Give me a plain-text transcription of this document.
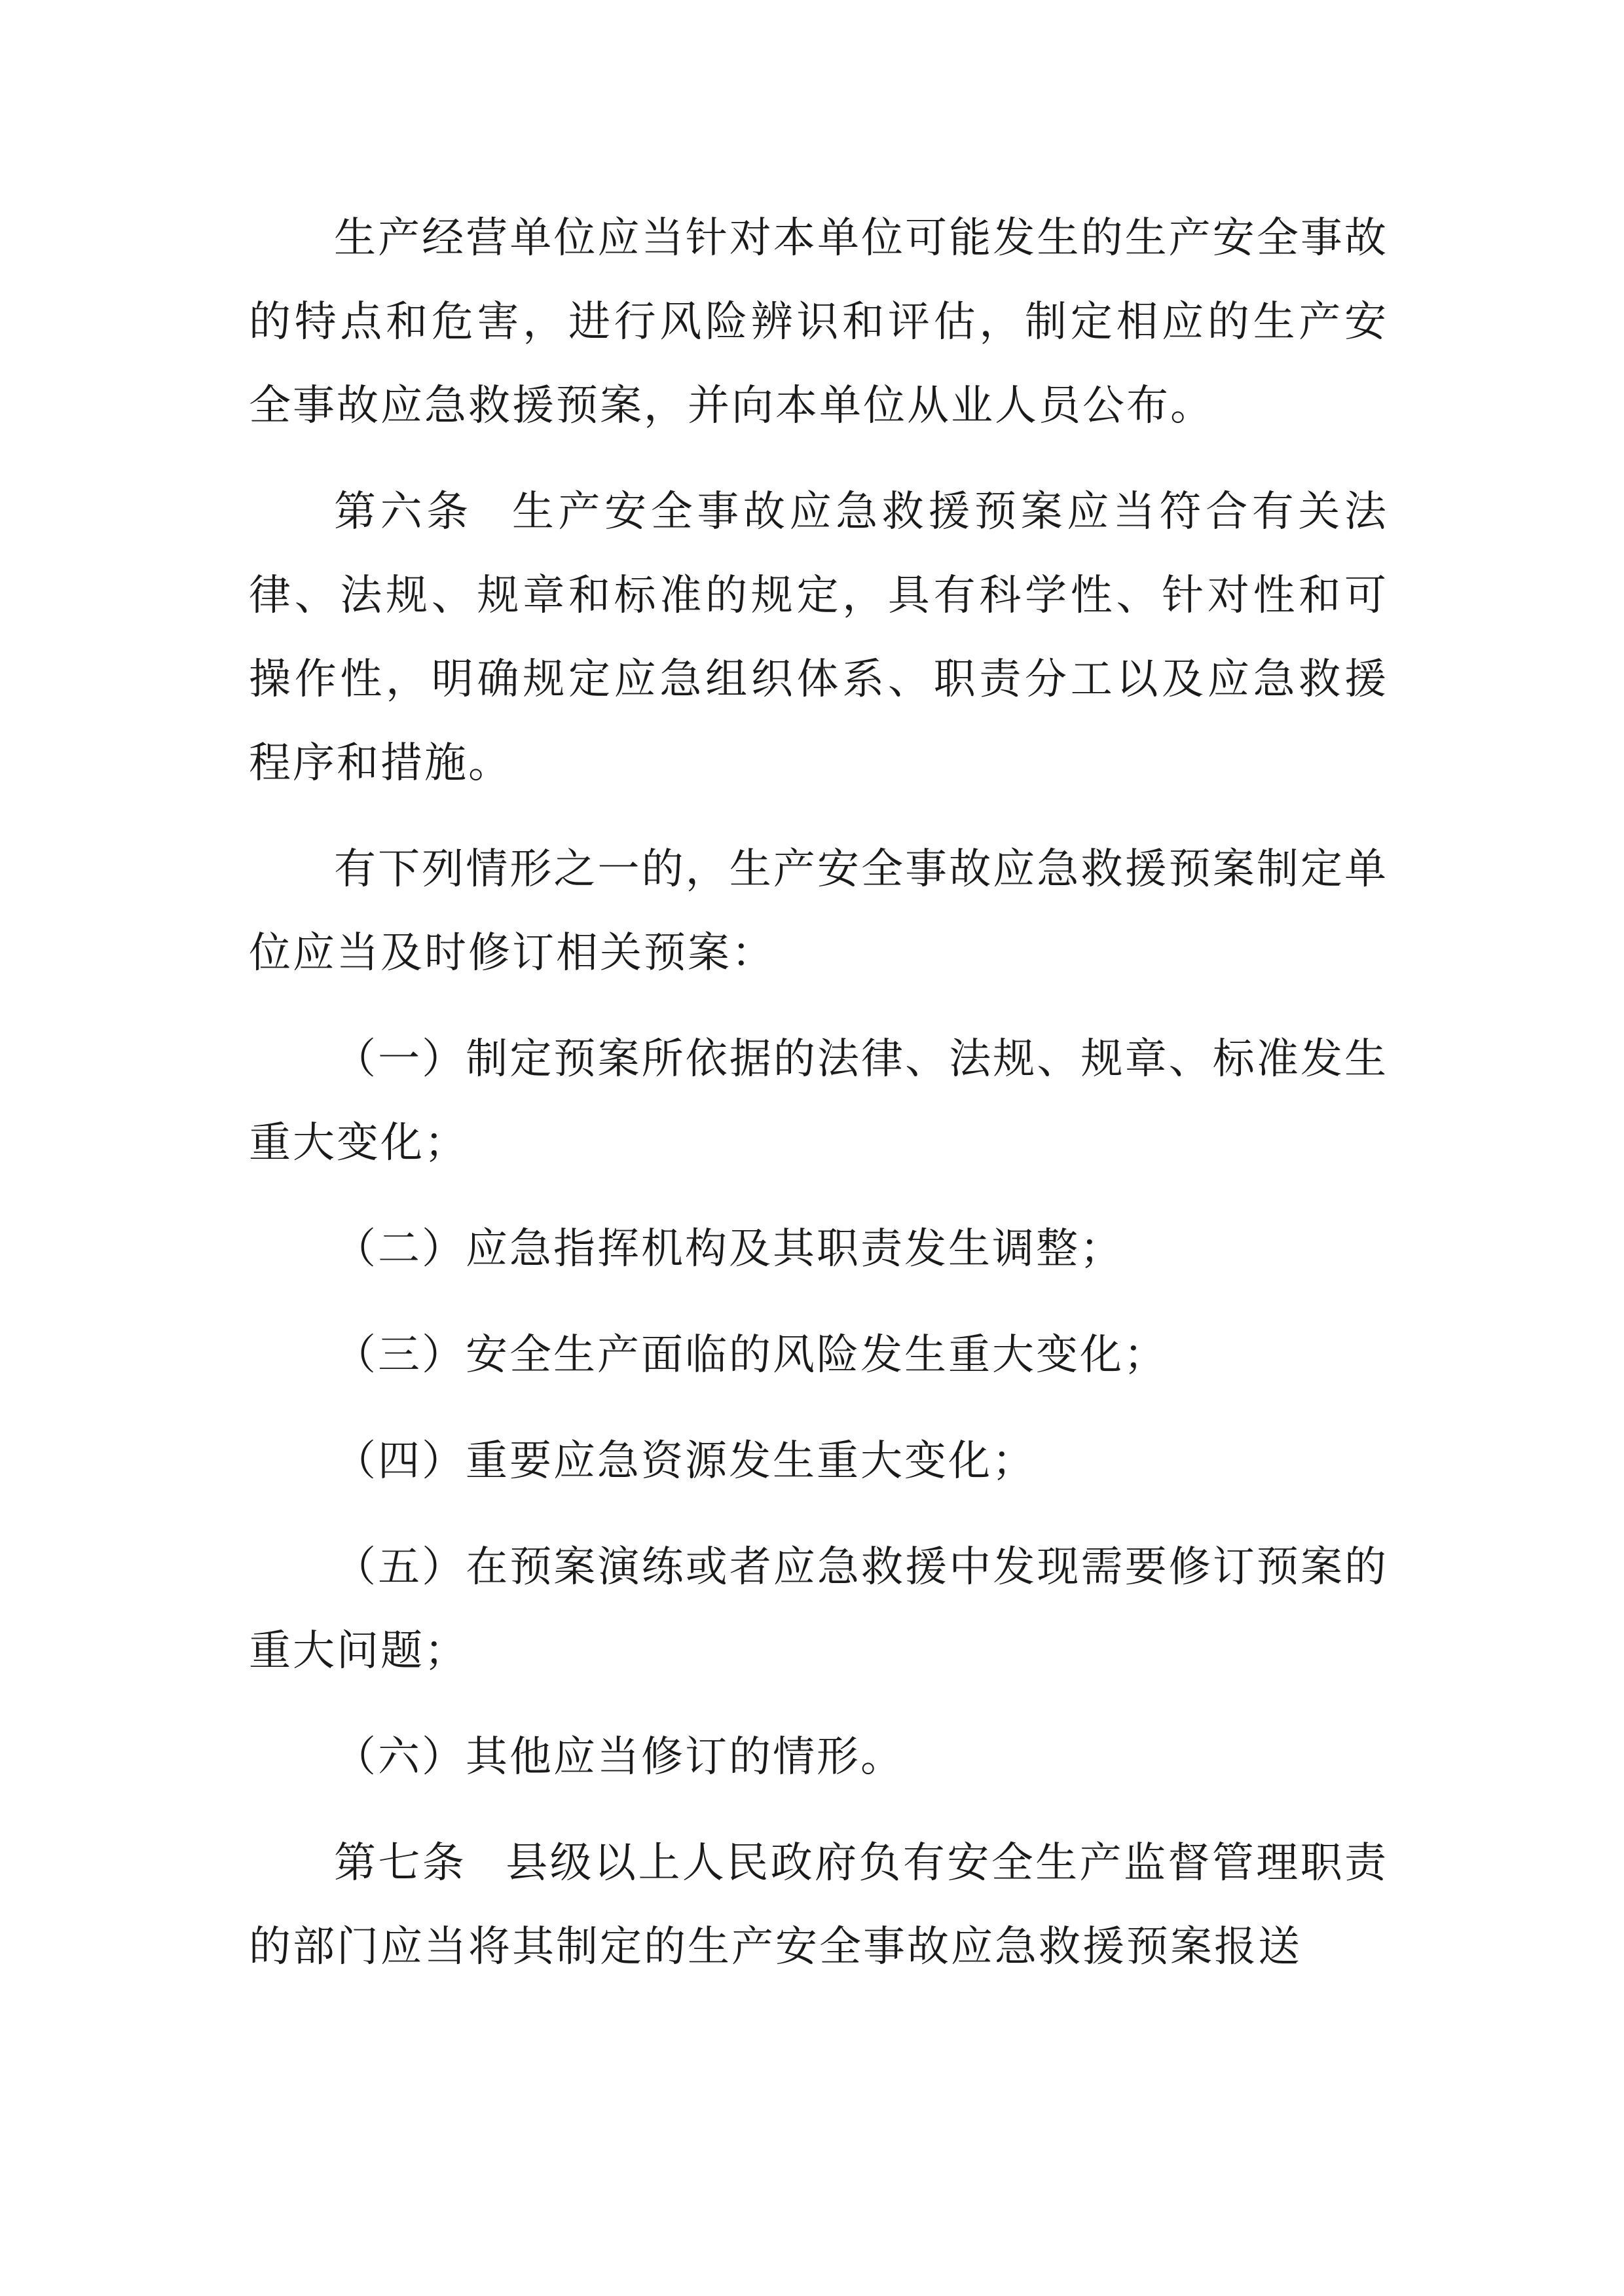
生产经营单位应当针对本单位可能发生的生产安全事故的特点和危害，进行风险辨识和评估，制定相应的生产安全事故应急救援预案，并向本单位从业人员公布。

第六条 生产安全事故应急救援预案应当符合有关法律、法规、规章和标准的规定，具有科学性、针对性和可操作性，明确规定应急组织体系、职责分工以及应急救援程序和措施。

有下列情形之一的，生产安全事故应急救援预案制定单位应当及时修订相关预案：

（一）制定预案所依据的法律、法规、规章、标准发生重大变化；

（二）应急指挥机构及其职责发生调整；

（三）安全生产面临的风险发生重大变化；

（四）重要应急资源发生重大变化；

（五）在预案演练或者应急救援中发现需要修订预案的重大问题；

（六）其他应当修订的情形。

第七条 县级以上人民政府负有安全生产监督管理职责的部门应当将其制定的生产安全事故应急救援预案报送
